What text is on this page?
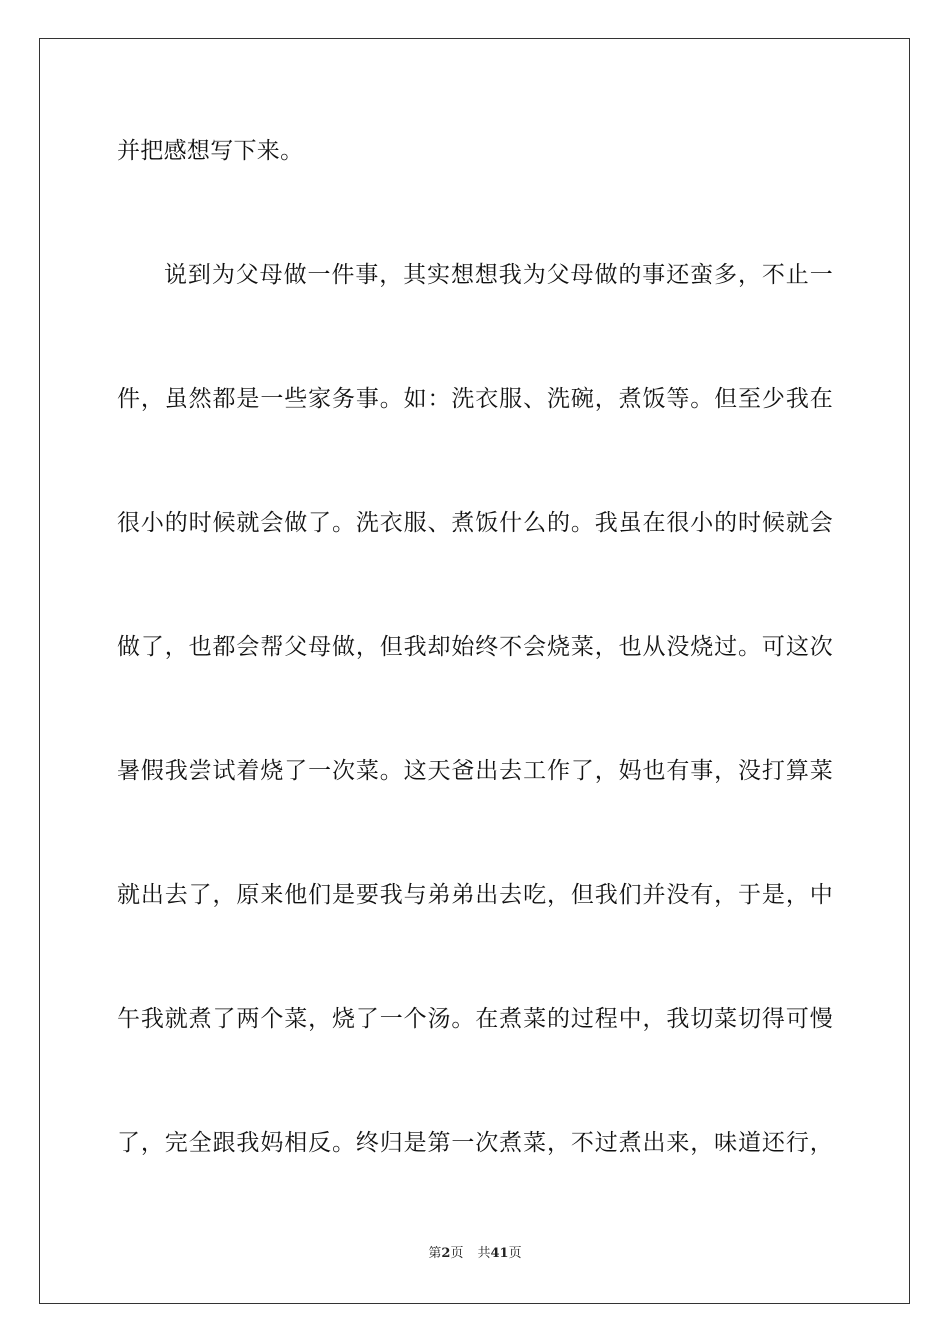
并把感想写下来。
说到为父母做一件事，其实想想我为父母做的事还蛮多，不止一
件，虽然都是一些家务事。如：洗衣服、洗碗，煮饭等。但至少我在
很小的时候就会做了。洗衣服、煮饭什么的。我虽在很小的时候就会
做了，也都会帮父母做，但我却始终不会烧菜，也从没烧过。可这次
暑假我尝试着烧了一次菜。这天爸出去工作了，妈也有事，没打算菜
就出去了，原来他们是要我与弟弟出去吃，但我们并没有，于是，中
午我就煮了两个菜，烧了一个汤。在煮菜的过程中，我切菜切得可慢
了，完全跟我妈相反。终归是第一次煮菜，不过煮出来，味道还行，
第2页 共41页
